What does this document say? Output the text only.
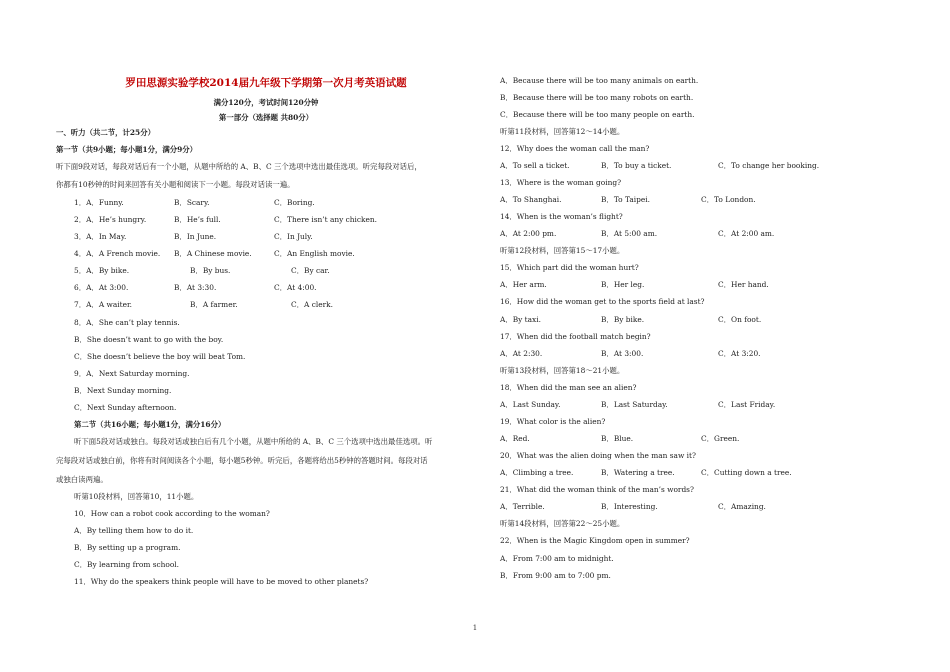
罗田思源实验学校2014届九年级下学期第一次月考英语试题
满分120分，考试时间120分钟
第一部分（选择题 共80分）
一、听力（共二节，计25分）
第一节（共9小题；每小题1分，满分9分）
听下面9段对话，每段对话后有一个小题，从题中所给的 A、B、C 三个选项中选出最佳选项。听完每段对话后，
你都有10秒钟的时间来回答有关小题和阅读下一小题。每段对话读一遍。
1．A．Funny.	B．Scary.	C．Boring.
2．A．He’s hungry.	B．He’s full.	C．There isn’t any chicken.
3．A．In May.	B．In June.	C．In July.
4．A．A French movie. B．A Chinese movie.	C．An English movie.
5．A．By bike.	B．By bus.	C．By car.
6．A．At 3:00.	B．At 3:30.	C．At 4:00.
7．A．A waiter.	B．A farmer.	C．A clerk.
8．A．She can’t play tennis.
B．She doesn’t want to go with the boy.
C．She doesn’t believe the boy will beat Tom.
9．A．Next Saturday morning.
B．Next Sunday morning.
C．Next Sunday afternoon.
第二节（共16小题；每小题1分，满分16分）
听下面5段对话或独白。每段对话或独白后有几个小题，从题中所给的 A、B、C 三个选项中选出最佳选项。听
完每段对话或独白前，你将有时间阅读各个小题，每小题5秒钟。听完后，各题将给出5秒钟的答题时间。每段对话
或独白读两遍。
听第10段材料，回答第10，11小题。
10．How can a robot cook according to the woman?
A．By telling them how to do it.
B．By setting up a program.
C．By learning from school.
11．Why do the speakers think people will have to be moved to other planets?
A．Because there will be too many animals on earth.
B．Because there will be too many robots on earth.
C．Because there will be too many people on earth.
听第11段材料，回答第12～14小题。
12．Why does the woman call the man?
A．To sell a ticket.	B．To buy a ticket.	C．To change her booking.
13．Where is the woman going?
A．To Shanghai.	B．To Taipei.	C．To London.
14．When is the woman’s flight?
A．At 2:00 pm.	B．At 5:00 am.	C．At 2:00 am.
听第12段材料，回答第15～17小题。
15．Which part did the woman hurt?
A．Her arm.	B．Her leg.	C．Her hand.
16．How did the woman get to the sports field at last?
A．By taxi.	B．By bike.	C．On foot.
17．When did the football match begin?
A．At 2:30.	B．At 3:00.	C．At 3:20.
听第13段材料，回答第18～21小题。
18．When did the man see an alien?
A．Last Sunday.	B．Last Saturday.	C．Last Friday.
19．What color is the alien?
A．Red.	B．Blue.	C．Green.
20．What was the alien doing when the man saw it?
A．Climbing a tree.	B．Watering a tree.	C．Cutting down a tree.
21．What did the woman think of the man’s words?
A．Terrible.	B．Interesting.	C．Amazing.
听第14段材料，回答第22～25小题。
22．When is the Magic Kingdom open in summer?
A．From 7:00 am to midnight.
B．From 9:00 am to 7:00 pm.
1
